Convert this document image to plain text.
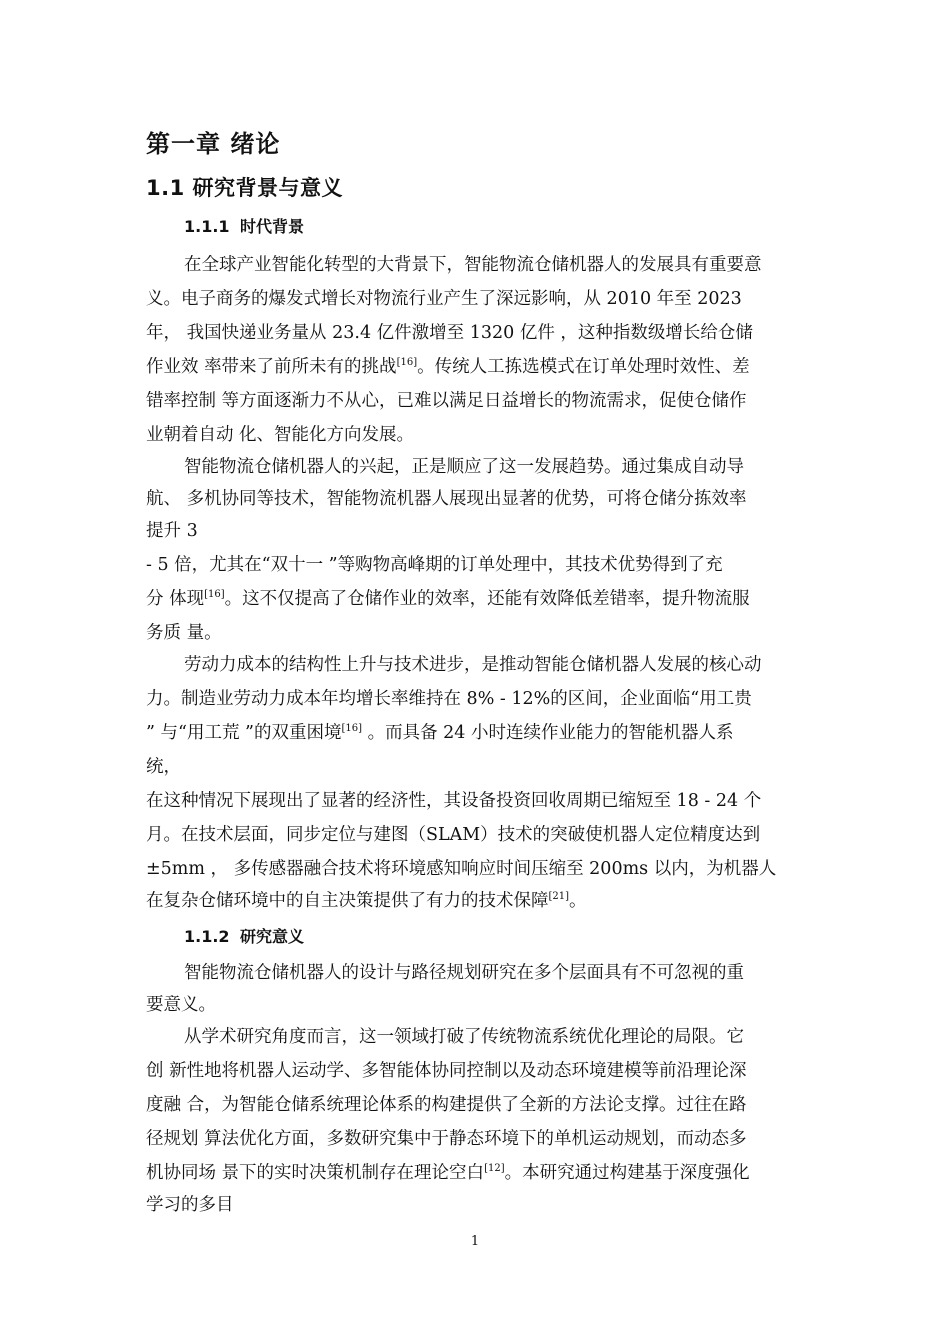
第一章 绪论
1.1 研究背景与意义
1.1.1 时代背景
在全球产业智能化转型的大背景下，智能物流仓储机器人的发展具有重要意
义。电子商务的爆发式增长对物流行业产生了深远影响，从 2010 年至 2023
年， 我国快递业务量从 23.4 亿件激增至 1320 亿件 ，这种指数级增长给仓储
作业效 率带来了前所未有的挑战[16]。传统人工拣选模式在订单处理时效性、差
错率控制 等方面逐渐力不从心，已难以满足日益增长的物流需求，促使仓储作
业朝着自动 化、智能化方向发展。
智能物流仓储机器人的兴起，正是顺应了这一发展趋势。通过集成自动导
航、 多机协同等技术，智能物流机器人展现出显著的优势，可将仓储分拣效率
提升 3
- 5 倍，尤其在“双十一 ”等购物高峰期的订单处理中，其技术优势得到了充
分 体现[16]。这不仅提高了仓储作业的效率，还能有效降低差错率，提升物流服
务质 量。
劳动力成本的结构性上升与技术进步，是推动智能仓储机器人发展的核心动
力。制造业劳动力成本年均增长率维持在 8% - 12%的区间，企业面临“用工贵
” 与“用工荒 ”的双重困境[16] 。而具备 24 小时连续作业能力的智能机器人系
统，
在这种情况下展现出了显著的经济性，其设备投资回收周期已缩短至 18 - 24 个
月。在技术层面，同步定位与建图（SLAM）技术的突破使机器人定位精度达到
±5mm ， 多传感器融合技术将环境感知响应时间压缩至 200ms 以内，为机器人
在复杂仓储环境中的自主决策提供了有力的技术保障[21]。
1.1.2 研究意义
智能物流仓储机器人的设计与路径规划研究在多个层面具有不可忽视的重
要意义。
从学术研究角度而言，这一领域打破了传统物流系统优化理论的局限。它
创 新性地将机器人运动学、多智能体协同控制以及动态环境建模等前沿理论深
度融 合，为智能仓储系统理论体系的构建提供了全新的方法论支撑。过往在路
径规划 算法优化方面，多数研究集中于静态环境下的单机运动规划，而动态多
机协同场 景下的实时决策机制存在理论空白[12]。本研究通过构建基于深度强化
学习的多目
1
